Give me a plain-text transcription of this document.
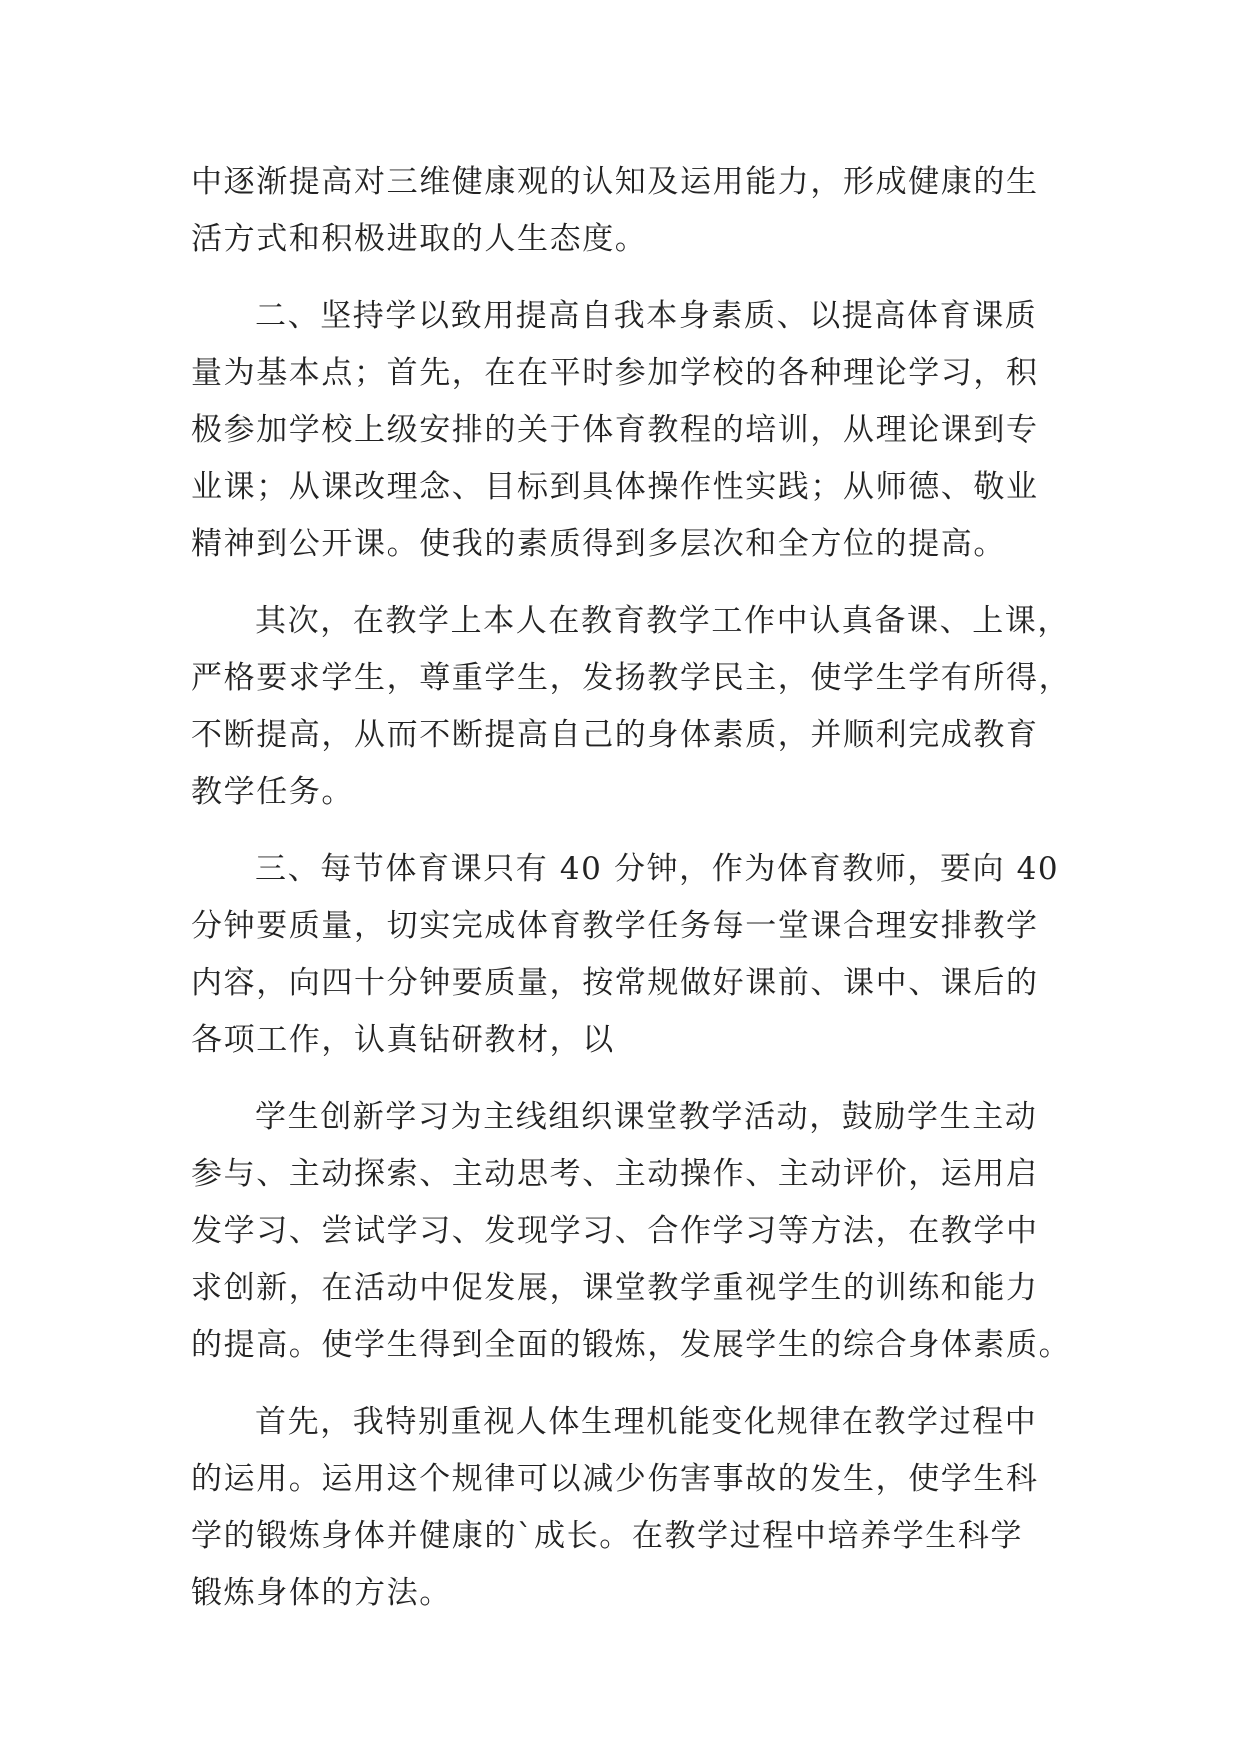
中逐渐提高对三维健康观的认知及运用能力，形成健康的生
活方式和积极进取的人生态度。
二、坚持学以致用提高自我本身素质、以提高体育课质
量为基本点；首先，在在平时参加学校的各种理论学习，积
极参加学校上级安排的关于体育教程的培训，从理论课到专
业课；从课改理念、目标到具体操作性实践；从师德、敬业
精神到公开课。使我的素质得到多层次和全方位的提高。
其次，在教学上本人在教育教学工作中认真备课、上课，
严格要求学生，尊重学生，发扬教学民主，使学生学有所得，
不断提高，从而不断提高自己的身体素质，并顺利完成教育
教学任务。
三、每节体育课只有 40 分钟，作为体育教师，要向 40
分钟要质量，切实完成体育教学任务每一堂课合理安排教学
内容，向四十分钟要质量，按常规做好课前、课中、课后的
各项工作，认真钻研教材，以
学生创新学习为主线组织课堂教学活动，鼓励学生主动
参与、主动探索、主动思考、主动操作、主动评价，运用启
发学习、尝试学习、发现学习、合作学习等方法，在教学中
求创新，在活动中促发展，课堂教学重视学生的训练和能力
的提高。使学生得到全面的锻炼，发展学生的综合身体素质。
首先，我特别重视人体生理机能变化规律在教学过程中
的运用。运用这个规律可以减少伤害事故的发生，使学生科
学的锻炼身体并健康的`成长。在教学过程中培养学生科学
锻炼身体的方法。
